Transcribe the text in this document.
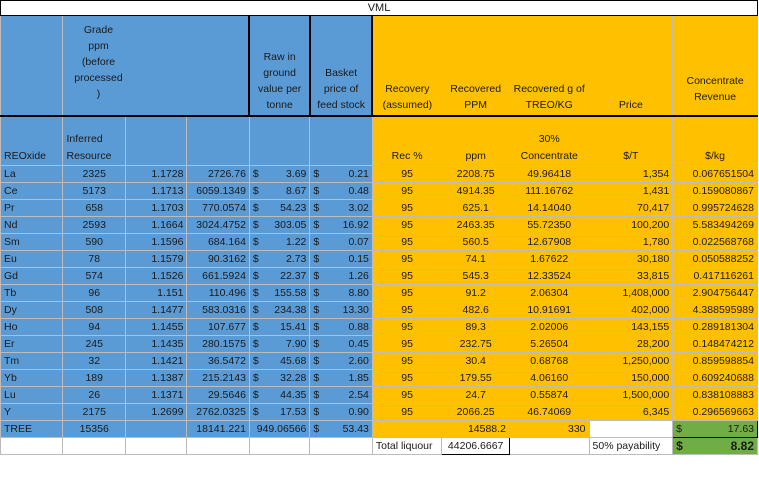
VML										

	Grade ppm (before processed )			Raw in ground value per tonne	Basket price of feed stock	Recovery (assumed)	Recovered PPM	Recovered g of TREO/KG	Price	Concentrate Revenue
REOxide	Inferred Resource					Rec %	ppm	30% Concentrate	$/T	$/kg
La	2325	1.1728	2726.76	$ 3.69	$ 0.21	95	2208.75	49.96418	1,354	0.067651504
Ce	5173	1.1713	6059.1349	$ 8.67	$ 0.48	95	4914.35	111.16762	1,431	0.159080867
Pr	658	1.1703	770.0574	$ 54.23	$ 3.02	95	625.1	14.14040	70,417	0.995724628
Nd	2593	1.1664	3024.4752	$ 303.05	$ 16.92	95	2463.35	55.72350	100,200	5.583494269
Sm	590	1.1596	684.164	$ 1.22	$ 0.07	95	560.5	12.67908	1,780	0.022568768
Eu	78	1.1579	90.3162	$ 2.73	$ 0.15	95	74.1	1.67622	30,180	0.050588252
Gd	574	1.1526	661.5924	$ 22.37	$ 1.26	95	545.3	12.33524	33,815	0.417116261
Tb	96	1.151	110.496	$ 155.58	$ 8.80	95	91.2	2.06304	1,408,000	2.904756447
Dy	508	1.1477	583.0316	$ 234.38	$ 13.30	95	482.6	10.91691	402,000	4.388595989
Ho	94	1.1455	107.677	$ 15.41	$ 0.88	95	89.3	2.02006	143,155	0.289181304
Er	245	1.1435	280.1575	$ 7.90	$ 0.45	95	232.75	5.26504	28,200	0.148474212
Tm	32	1.1421	36.5472	$ 45.68	$ 2.60	95	30.4	0.68768	1,250,000	0.859598854
Yb	189	1.1387	215.2143	$ 32.28	$ 1.85	95	179.55	4.06160	150,000	0.609240688
Lu	26	1.1371	29.5646	$ 44.35	$ 2.54	95	24.7	0.55874	1,500,000	0.838108883
Y	2175	1.2699	2762.0325	$ 17.53	$ 0.90	95	2066.25	46.74069	6,345	0.296569663
TREE	15356		18141.221	949.06566	$ 53.43		14588.2	330		$ 17.63

						Total liquour	44206.6667		50% payability	$ 8.82
